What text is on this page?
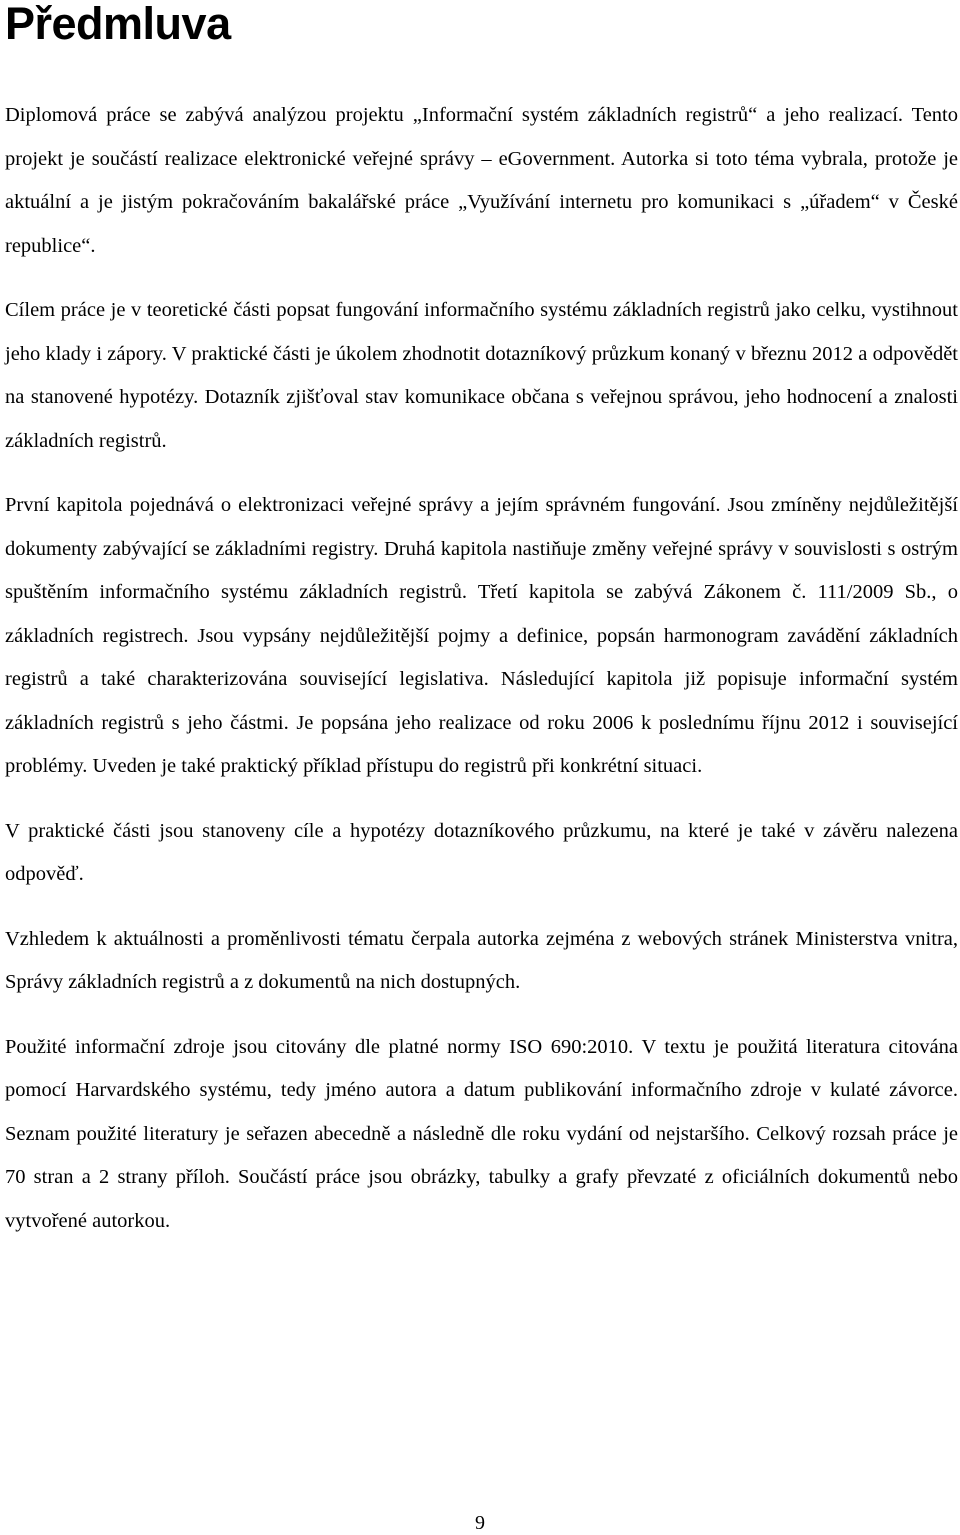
Předmluva

Diplomová práce se zabývá analýzou projektu „Informační systém základních registrů“ a jeho realizací. Tento projekt je součástí realizace elektronické veřejné správy – eGovernment. Autorka si toto téma vybrala, protože je aktuální a je jistým pokračováním bakalářské práce „Využívání internetu pro komunikaci s „úřadem“ v České republice“.

Cílem práce je v teoretické části popsat fungování informačního systému základních registrů jako celku, vystihnout jeho klady i zápory. V praktické části je úkolem zhodnotit dotazníkový průzkum konaný v březnu 2012 a odpovědět na stanovené hypotézy. Dotazník zjišťoval stav komunikace občana s veřejnou správou, jeho hodnocení a znalosti základních registrů.

První kapitola pojednává o elektronizaci veřejné správy a jejím správném fungování. Jsou zmíněny nejdůležitější dokumenty zabývající se základními registry. Druhá kapitola nastiňuje změny veřejné správy v souvislosti s ostrým spuštěním informačního systému základních registrů. Třetí kapitola se zabývá Zákonem č. 111/2009 Sb., o základních registrech. Jsou vypsány nejdůležitější pojmy a definice, popsán harmonogram zavádění základních registrů a také charakterizována související legislativa. Následující kapitola již popisuje informační systém základních registrů s jeho částmi. Je popsána jeho realizace od roku 2006 k poslednímu říjnu 2012 i související problémy. Uveden je také praktický příklad přístupu do registrů při konkrétní situaci.

V praktické části jsou stanoveny cíle a hypotézy dotazníkového průzkumu, na které je také v závěru nalezena odpověď.

Vzhledem k aktuálnosti a proměnlivosti tématu čerpala autorka zejména z webových stránek Ministerstva vnitra, Správy základních registrů a z dokumentů na nich dostupných.

Použité informační zdroje jsou citovány dle platné normy ISO 690:2010. V textu je použitá literatura citována pomocí Harvardského systému, tedy jméno autora a datum publikování informačního zdroje v kulaté závorce. Seznam použité literatury je seřazen abecedně a následně dle roku vydání od nejstaršího. Celkový rozsah práce je 70 stran a 2 strany příloh. Součástí práce jsou obrázky, tabulky a grafy převzaté z oficiálních dokumentů nebo vytvořené autorkou.

9
